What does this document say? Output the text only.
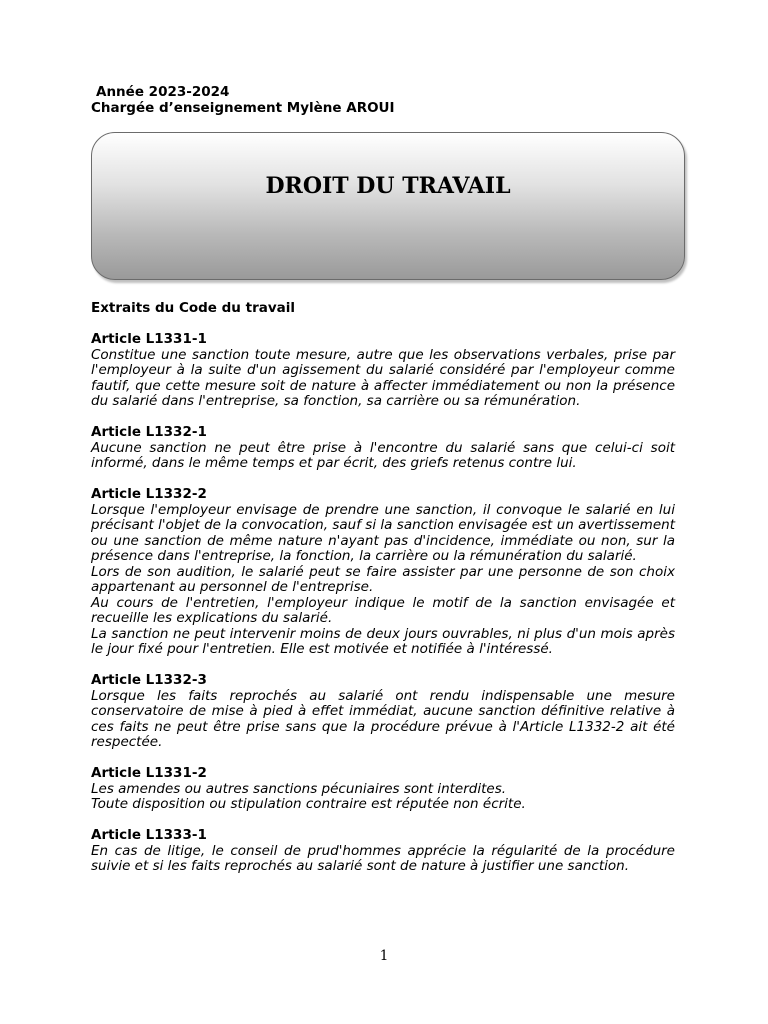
Année 2023-2024
Chargée d’enseignement Mylène AROUI
DROIT DU TRAVAIL

Extraits du Code du travail

Article L1331-1

Constitue une sanction toute mesure, autre que les observations verbales, prise par l'employeur à la suite d'un agissement du salarié considéré par l'employeur comme fautif, que cette mesure soit de nature à affecter immédiatement ou non la présence du salarié dans l'entreprise, sa fonction, sa carrière ou sa rémunération.

Article L1332-1

Aucune sanction ne peut être prise à l'encontre du salarié sans que celui-ci soit informé, dans le même temps et par écrit, des griefs retenus contre lui.

Article L1332-2

Lorsque l'employeur envisage de prendre une sanction, il convoque le salarié en lui précisant l'objet de la convocation, sauf si la sanction envisagée est un avertissement ou une sanction de même nature n'ayant pas d'incidence, immédiate ou non, sur la présence dans l'entreprise, la fonction, la carrière ou la rémunération du salarié.

Lors de son audition, le salarié peut se faire assister par une personne de son choix appartenant au personnel de l'entreprise.

Au cours de l'entretien, l'employeur indique le motif de la sanction envisagée et recueille les explications du salarié.

La sanction ne peut intervenir moins de deux jours ouvrables, ni plus d'un mois après le jour fixé pour l'entretien. Elle est motivée et notifiée à l'intéressé.

Article L1332-3

Lorsque les faits reprochés au salarié ont rendu indispensable une mesure conservatoire de mise à pied à effet immédiat, aucune sanction définitive relative à ces faits ne peut être prise sans que la procédure prévue à l'Article L1332-2 ait été respectée.

Article L1331-2

Les amendes ou autres sanctions pécuniaires sont interdites.

Toute disposition ou stipulation contraire est réputée non écrite.

Article L1333-1

En cas de litige, le conseil de prud'hommes apprécie la régularité de la procédure suivie et si les faits reprochés au salarié sont de nature à justifier une sanction.

1
